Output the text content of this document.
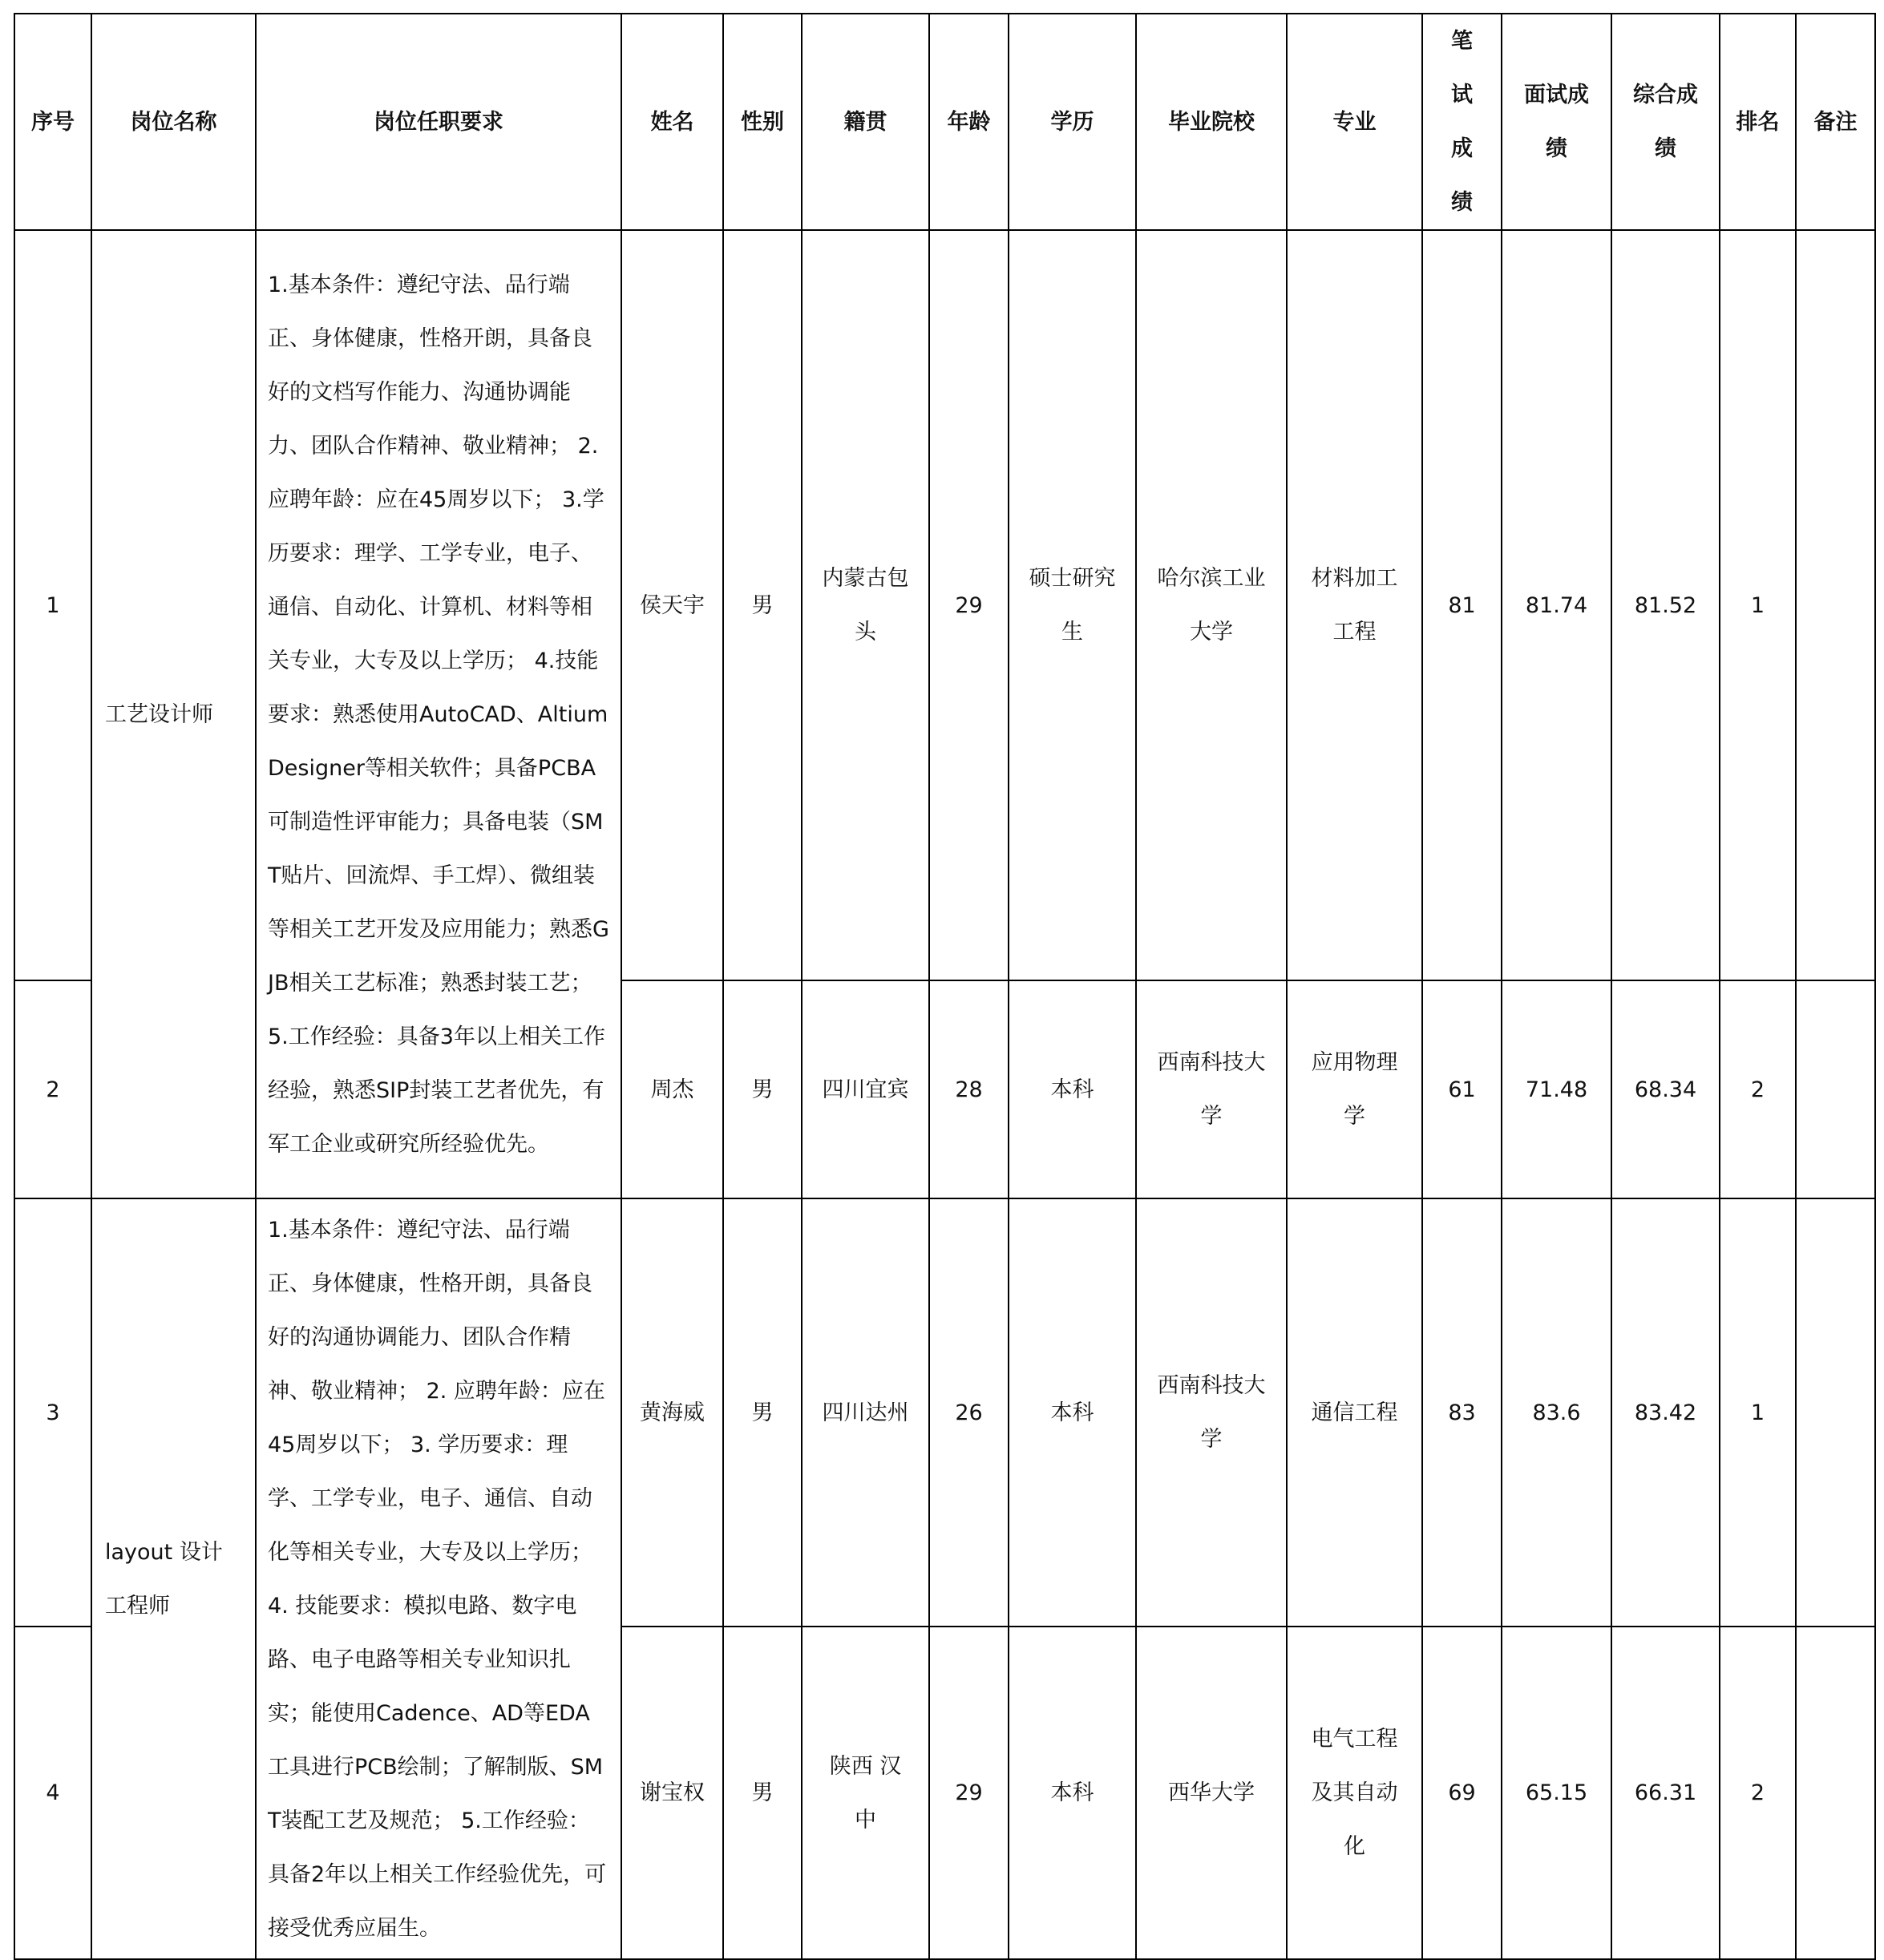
序号	岗位名称	岗位任职要求	姓名	性别	籍贯	年龄	学历	毕业院校	专业	笔试成绩	面试成绩	综合成绩	排名	备注
1	工艺设计师	1.基本条件：遵纪守法、品行端正、身体健康，性格开朗，具备良好的文档写作能力、沟通协调能力、团队合作精神、敬业精神； 2.应聘年龄：应在45周岁以下； 3.学历要求：理学、工学专业，电子、通信、自动化、计算机、材料等相关专业，大专及以上学历； 4.技能要求：熟悉使用AutoCAD、Altium Designer等相关软件；具备PCBA可制造性评审能力；具备电装（SMT贴片、回流焊、手工焊）、微组装等相关工艺开发及应用能力；熟悉GJB相关工艺标准；熟悉封装工艺； 5.工作经验：具备3年以上相关工作经验，熟悉SIP封装工艺者优先，有军工企业或研究所经验优先。	侯天宇	男	内蒙古包头	29	硕士研究生	哈尔滨工业大学	材料加工工程	81	81.74	81.52	1	
2			周杰	男	四川宜宾	28	本科	西南科技大学	应用物理学	61	71.48	68.34	2	
3	layout 设计工程师	1.基本条件：遵纪守法、品行端正、身体健康，性格开朗，具备良好的沟通协调能力、团队合作精神、敬业精神； 2. 应聘年龄：应在45周岁以下； 3. 学历要求：理学、工学专业，电子、通信、自动化等相关专业，大专及以上学历； 4. 技能要求：模拟电路、数字电路、电子电路等相关专业知识扎实；能使用Cadence、AD等EDA工具进行PCB绘制；了解制版、SMT装配工艺及规范； 5.工作经验：具备2年以上相关工作经验优先，可接受优秀应届生。	黄海威	男	四川达州	26	本科	西南科技大学	通信工程	83	83.6	83.42	1	
4			谢宝权	男	陕西 汉中	29	本科	西华大学	电气工程及其自动化	69	65.15	66.31	2	
